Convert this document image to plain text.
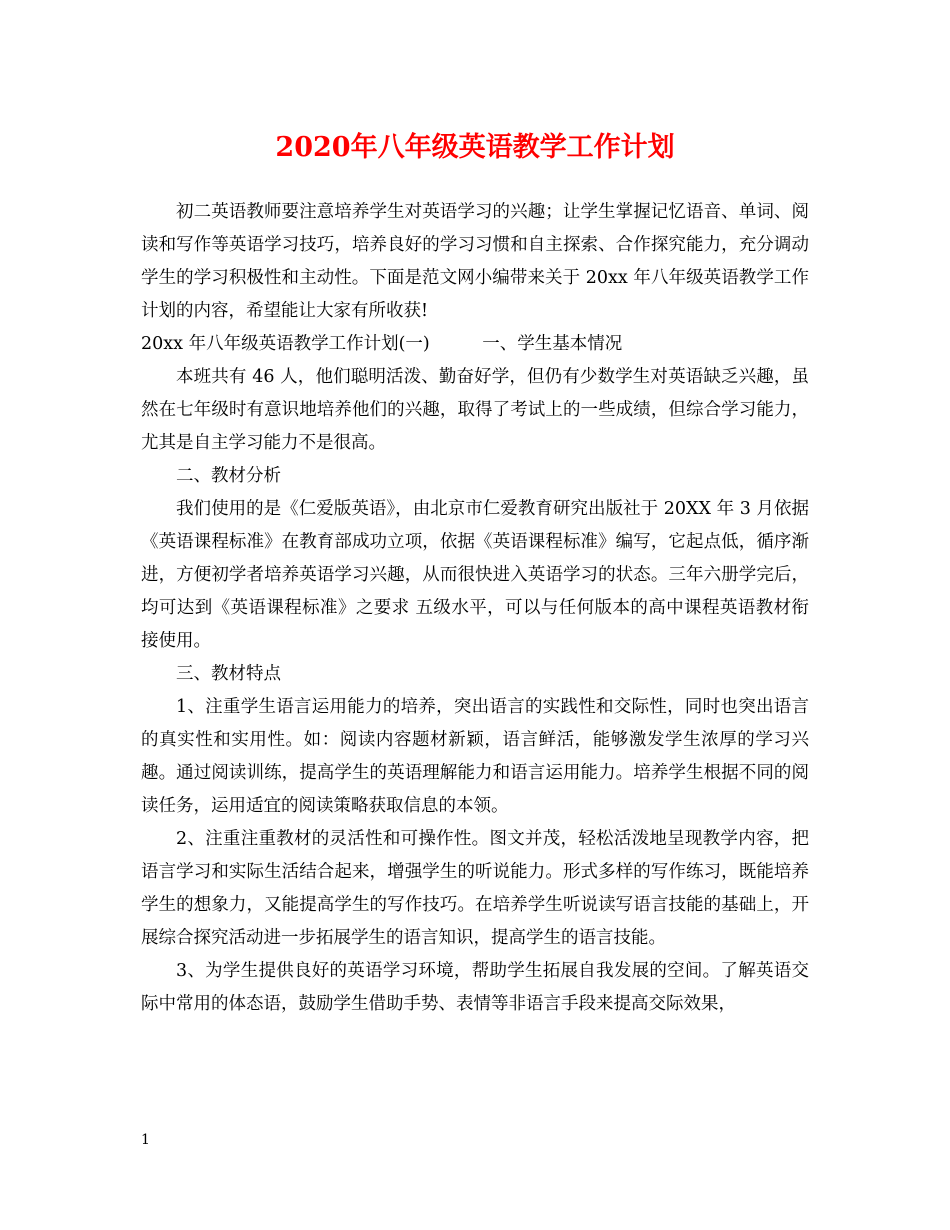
2020年八年级英语教学工作计划

初二英语教师要注意培养学生对英语学习的兴趣；让学生掌握记忆语音、单词、阅读和写作等英语学习技巧，培养良好的学习习惯和自主探索、合作探究能力，充分调动学生的学习积极性和主动性。下面是范文网小编带来关于 20xx 年八年级英语教学工作计划的内容，希望能让大家有所收获!

20xx 年八年级英语教学工作计划(一)　　　一、学生基本情况

本班共有 46 人，他们聪明活泼、勤奋好学，但仍有少数学生对英语缺乏兴趣，虽然在七年级时有意识地培养他们的兴趣，取得了考试上的一些成绩，但综合学习能力，尤其是自主学习能力不是很高。

二、教材分析

我们使用的是《仁爱版英语》，由北京市仁爱教育研究出版社于 20XX 年 3 月依据《英语课程标准》在教育部成功立项，依据《英语课程标准》编写，它起点低，循序渐进，方便初学者培养英语学习兴趣，从而很快进入英语学习的状态。三年六册学完后，均可达到《英语课程标准》之要求 五级水平，可以与任何版本的高中课程英语教材衔接使用。

三、教材特点

1、注重学生语言运用能力的培养，突出语言的实践性和交际性，同时也突出语言的真实性和实用性。如：阅读内容题材新颖，语言鲜活，能够激发学生浓厚的学习兴趣。通过阅读训练，提高学生的英语理解能力和语言运用能力。培养学生根据不同的阅读任务，运用适宜的阅读策略获取信息的本领。

2、注重注重教材的灵活性和可操作性。图文并茂，轻松活泼地呈现教学内容，把语言学习和实际生活结合起来，增强学生的听说能力。形式多样的写作练习，既能培养学生的想象力，又能提高学生的写作技巧。在培养学生听说读写语言技能的基础上，开展综合探究活动进一步拓展学生的语言知识，提高学生的语言技能。

3、为学生提供良好的英语学习环境，帮助学生拓展自我发展的空间。了解英语交际中常用的体态语，鼓励学生借助手势、表情等非语言手段来提高交际效果，

1
